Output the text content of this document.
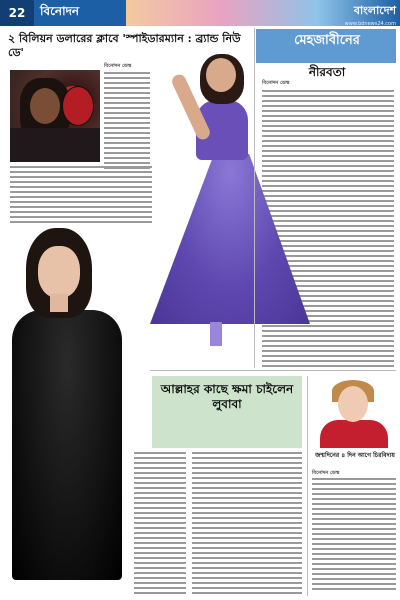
22	বিনোদন	বাংলাদেশ
www.bdnews24.com
২ বিলিয়ন ডলারের ক্লাবে 'স্পাইডারম্যান : ব্র্যান্ড নিউ ডে'
বিনোদন ডেস্ক
মেহজাবীনের
নীরবতা
বিনোদন ডেস্ক
আল্লাহর কাছে ক্ষমা চাইলেন লুবাবা
জন্মদিনের ৪ দিন আগে চিরবিদায়
বিনোদন ডেস্ক
